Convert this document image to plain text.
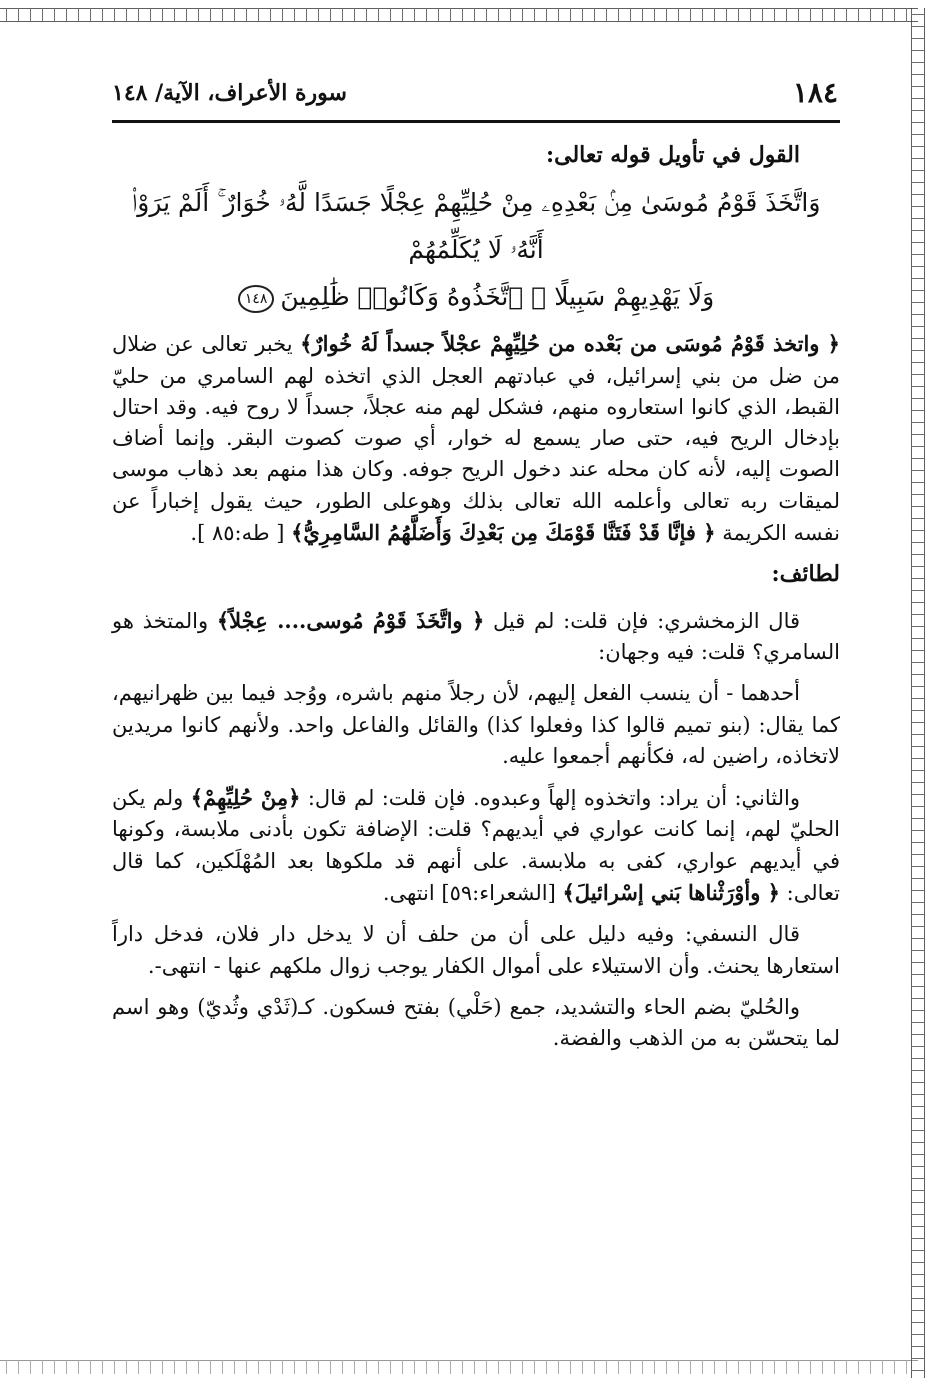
١٨٤
سورة الأعراف، الآية/ ١٤٨
القول في تأويل قوله تعالى:
وَاتَّخَذَ قَوْمُ مُوسَىٰ مِنۢ بَعْدِهِۦ مِنْ حُلِيِّهِمْ عِجْلًا جَسَدًا لَّهُۥ خُوَارٌ ۚ أَلَمْ يَرَوْا۟ أَنَّهُۥ لَا يُكَلِّمُهُمْ
وَلَا يَهْدِيهِمْ سَبِيلًا ۘ ٱتَّخَذُوهُ وَكَانُوا۟ ظَٰلِمِينَ١٤٨

﴿ واتخذ قَوْمُ مُوسَى من بَعْده من حُلِيِّهِمْ عجْلاً جسداً لَهُ خُوارٌ﴾ يخبر تعالى عن ضلال من ضل من بني إسرائيل، في عبادتهم العجل الذي اتخذه لهم السامري من حليّ القبط، الذي كانوا استعاروه منهم، فشكل لهم منه عجلاً، جسداً لا روح فيه. وقد احتال بإدخال الريح فيه، حتى صار يسمع له خوار، أي صوت كصوت البقر. وإنما أضاف الصوت إليه، لأنه كان محله عند دخول الريح جوفه. وكان هذا منهم بعد ذهاب موسى لميقات ربه تعالى وأعلمه الله تعالى بذلك وهوعلى الطور، حيث يقول إخباراً عن نفسه الكريمة ﴿ فإنَّا قَدْ فَتَنَّا قَوْمَكَ مِن بَعْدِكَ وَأَضَلَّهُمُ السَّامِرِيُّ﴾ [ طه:٨٥ ].

لطائف:

قال الزمخشري: فإن قلت: لم قيل ﴿ واتَّخَذَ قَوْمُ مُوسى.... عِجْلاً﴾ والمتخذ هو السامري؟ قلت: فيه وجهان:

أحدهما - أن ينسب الفعل إليهم، لأن رجلاً منهم باشره، ووُجد فيما بين ظهرانيهم، كما يقال: (بنو تميم قالوا كذا وفعلوا كذا) والقائل والفاعل واحد. ولأنهم كانوا مريدين لاتخاذه، راضين له، فكأنهم أجمعوا عليه.

والثاني: أن يراد: واتخذوه إلهاً وعبدوه. فإن قلت: لم قال: ﴿مِنْ حُلِيِّهِمْ﴾ ولم يكن الحليّ لهم، إنما كانت عواري في أيديهم؟ قلت: الإضافة تكون بأدنى ملابسة، وكونها في أيديهم عواري، كفى به ملابسة. على أنهم قد ملكوها بعد المُهْلَكين، كما قال تعالى: ﴿ وأوْرَثْناها بَني إسْرائيلَ﴾ [الشعراء:٥٩] انتهى.

قال النسفي: وفيه دليل على أن من حلف أن لا يدخل دار فلان، فدخل داراً استعارها يحنث. وأن الاستيلاء على أموال الكفار يوجب زوال ملكهم عنها - انتهى-.

والحُليّ بضم الحاء والتشديد، جمع (حَلْي) بفتح فسكون. كـ(ثَدْي وثُديّ) وهو اسم لما يتحسّن به من الذهب والفضة.
